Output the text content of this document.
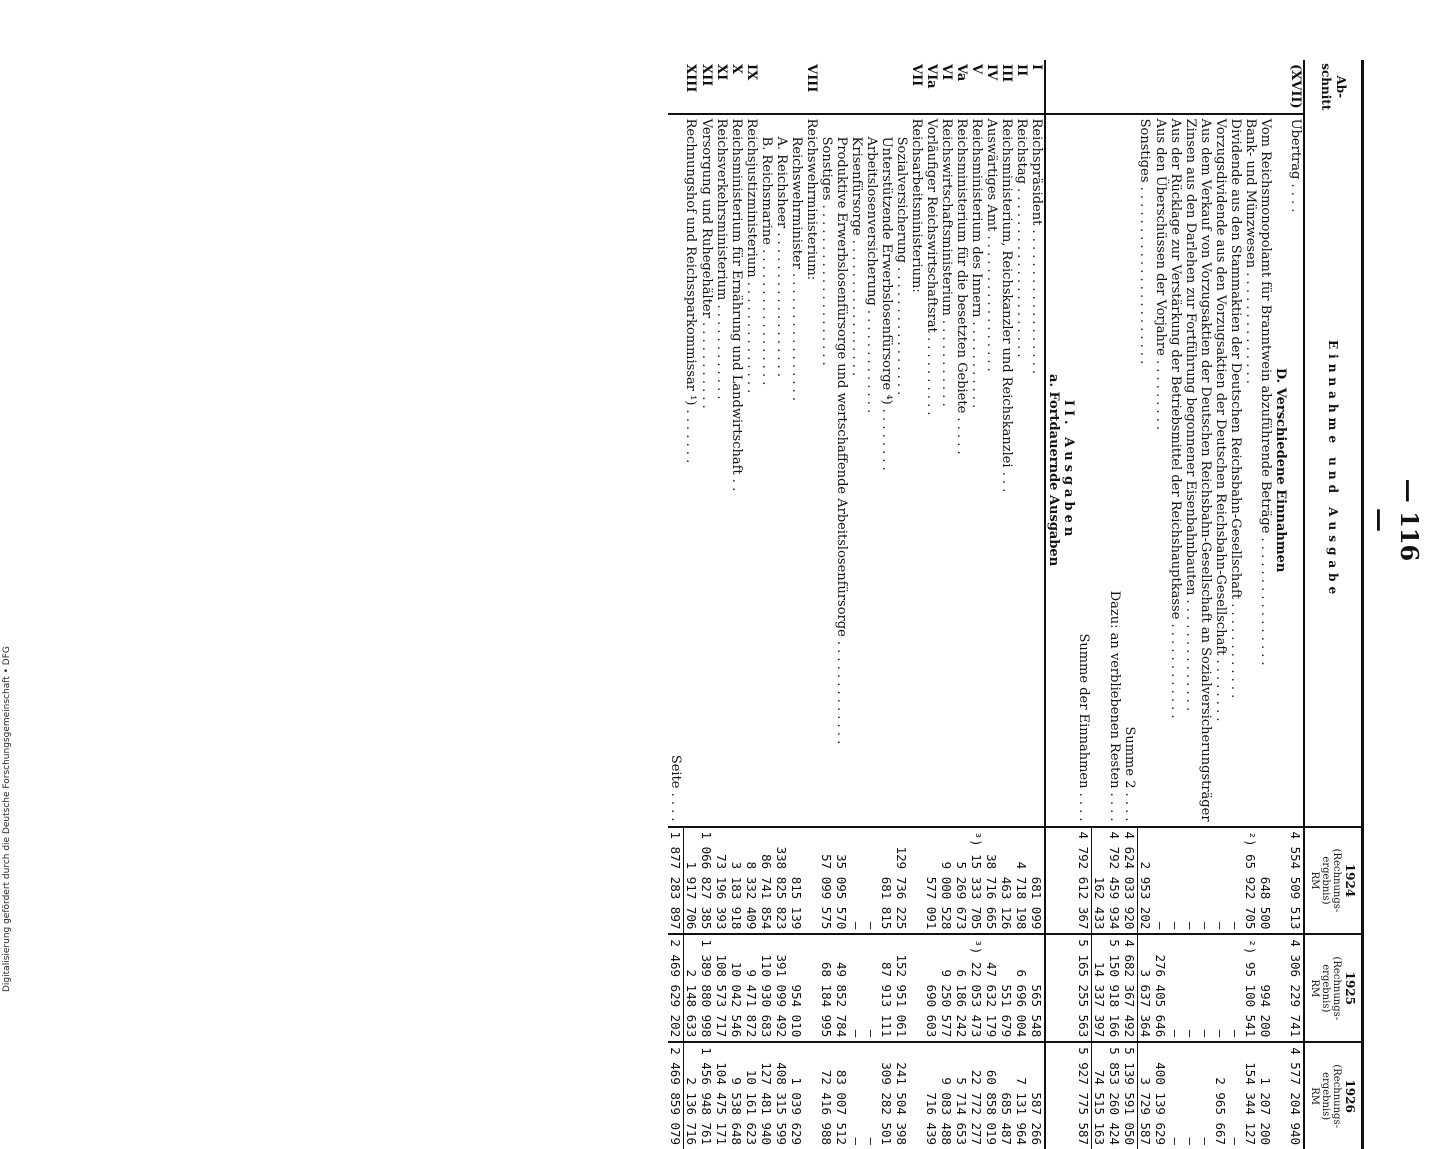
— 116 —
Ab-schnitt	Einnahme und Ausgabe	1924
(Rechnungs-ergebnis)
RM	1925
(Rechnungs-ergebnis)
RM	1926
(Rechnungs-ergebnis)
RM

(XVII)	Übertrag . . . .	4 554 509 513	4 306 229 741	4 577 204 940
	D. Verschiedene Einnahmen			
	Vom Reichsmonopolamt für Branntwein abzuführende Beträge . . . . . . . . . . . . . . . .	648 500	994 200	1 207 200
	Bank- und Münzwesen . . . . . . . . . . . . . .	²) 65 922 705	²) 95 100 541	154 344 127
	Dividende aus den Stammaktien der Deutschen Reichsbahn-Gesellschaft . . . . . . . . . . . .	—	—	—
	Vorzugsdividende aus den Vorzugsaktien der Deutschen Reichsbahn-Gesellschaft . . . . . . . .	—	—	2 965 667
	Aus dem Verkauf von Vorzugsaktien der Deutschen Reichsbahn-Gesellschaft an Sozialversicherungsträger	—	—	—
	Zinsen aus den Darlehen zur Fortführung begonnener Eisenbahnbauten . . . . . . . . . . . . . .	—	—	—
	Aus der Rücklage zur Verstärkung der Betriebsmittel der Reichshauptkasse . . . . . . . . . . . .	—	—	—
	Aus den Überschüssen der Vorjahre . . . . . . . . .	—	276 405 646	400 139 629
	Sonstiges . . . . . . . . . . . . . . . . . . . . . .	2 953 202	3 637 364	3 729 587
	Summe 2 . . . .	4 624 033 920	4 682 367 492	5 139 591 050
	Dazu: an verbliebenen Resten . . . .	4 792 459 934	5 150 918 166	5 853 260 424
		162 433	14 337 397	74 515 163
	Summe der Einnahmen . . . .	4 792 612 367	5 165 255 563	5 927 775 587
	II. Ausgaben			
	a. Fortdauernde Ausgaben			
I	Reichspräsident . . . . . . . . . . . . . . . . . .	681 099	565 548	587 266
II	Reichstag . . . . . . . . . . . . . . . . . . . . .	4 718 198	6 696 004	7 131 964
III	Reichsministerium, Reichskanzler und Reichskanzlei . . .	463 126	551 679	685 487
IV	Auswärtiges Amt . . . . . . . . . . . . . . . . .	38 716 665	47 632 179	60 858 019
V	Reichsministerium des Innern . . . . . . . . . . .	³) 15 333 705	³) 22 053 473	22 772 277
Va	Reichsministerium für die besetzten Gebiete . . . . .	5 269 673	6 186 242	5 714 653
VI	Reichswirtschaftsministerium . . . . . . . . . . .	9 000 528	9 250 577	9 083 488
VIa	Vorläufiger Reichswirtschaftsrat . . . . . . . . . .	577 091	690 603	716 439
VII	Reichsarbeitsministerium:			
	Sozialversicherung . . . . . . . . . . . . . . . .	129 736 225	152 951 061	241 504 398
	Unterstützende Erwerbslosenfürsorge ⁴) . . . . . . . .	681 815	87 913 111	309 282 501
	Arbeitslosenversicherung . . . . . . . . . . . . .	—	—	—
	Krisenfürsorge . . . . . . . . . . . . . . . . .	—	—	—
	Produktive Erwerbslosenfürsorge und wertschaffende Arbeitslosenfürsorge . . . . . . . . . . . . .	35 095 570	49 852 784	83 007 512
	Sonstiges . . . . . . . . . . . . . . . . . . . .	57 099 575	68 184 995	72 416 988
VIII	Reichswehrministerium:			
	Reichswehrminister . . . . . . . . . . . . . . . .	815 139	954 010	1 039 629
	A. Reichsheer . . . . . . . . . . . . . . . . . .	338 825 823	391 099 492	408 315 599
	B. Reichsmarine . . . . . . . . . . . . . . . . .	86 741 854	110 930 683	127 481 940
IX	Reichsjustizministerium . . . . . . . . . . . . . .	8 332 409	9 471 872	10 161 623
X	Reichsministerium für Ernährung und Landwirtschaft . .	3 183 918	10 042 546	9 538 648
XI	Reichsverkehrsministerium . . . . . . . . . . . .	73 196 393	108 573 717	104 475 171
XII	Versorgung und Ruhegehälter . . . . . . . . . . .	1 066 827 385	1 389 880 998	1 456 948 761
XIII	Rechnungshof und Reichssparkommissar ¹) . . . . . . .	1 917 706	2 148 633	2 136 716
	Seite . . . .	1 877 283 897	2 469 629 202	2 469 859 079
Digitalisierung gefördert durch die Deutsche Forschungsgemeinschaft • DFG
